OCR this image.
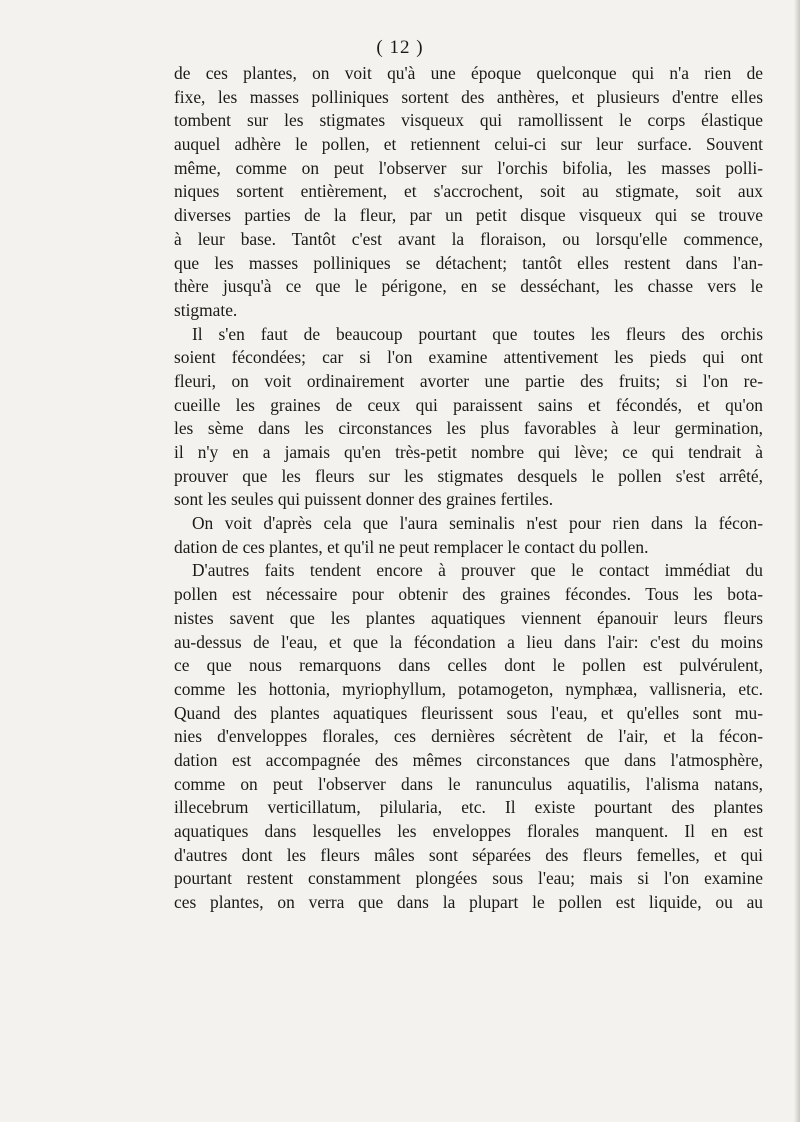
( 12 )
de ces plantes, on voit qu'à une époque quelconque qui n'a rien de
fixe, les masses polliniques sortent des anthères, et plusieurs d'entre elles
tombent sur les stigmates visqueux qui ramollissent le corps élastique
auquel adhère le pollen, et retiennent celui-ci sur leur surface. Souvent
même, comme on peut l'observer sur l'orchis bifolia, les masses polli-
niques sortent entièrement, et s'accrochent, soit au stigmate, soit aux
diverses parties de la fleur, par un petit disque visqueux qui se trouve
à leur base. Tantôt c'est avant la floraison, ou lorsqu'elle commence,
que les masses polliniques se détachent; tantôt elles restent dans l'an-
thère jusqu'à ce que le périgone, en se desséchant, les chasse vers le
stigmate.
Il s'en faut de beaucoup pourtant que toutes les fleurs des orchis
soient fécondées; car si l'on examine attentivement les pieds qui ont
fleuri, on voit ordinairement avorter une partie des fruits; si l'on re-
cueille les graines de ceux qui paraissent sains et fécondés, et qu'on
les sème dans les circonstances les plus favorables à leur germination,
il n'y en a jamais qu'en très-petit nombre qui lève; ce qui tendrait à
prouver que les fleurs sur les stigmates desquels le pollen s'est arrêté,
sont les seules qui puissent donner des graines fertiles.
On voit d'après cela que l'aura seminalis n'est pour rien dans la fécon-
dation de ces plantes, et qu'il ne peut remplacer le contact du pollen.
D'autres faits tendent encore à prouver que le contact immédiat du
pollen est nécessaire pour obtenir des graines fécondes. Tous les bota-
nistes savent que les plantes aquatiques viennent épanouir leurs fleurs
au-dessus de l'eau, et que la fécondation a lieu dans l'air: c'est du moins
ce que nous remarquons dans celles dont le pollen est pulvérulent,
comme les hottonia, myriophyllum, potamogeton, nymphæa, vallisneria, etc.
Quand des plantes aquatiques fleurissent sous l'eau, et qu'elles sont mu-
nies d'enveloppes florales, ces dernières sécrètent de l'air, et la fécon-
dation est accompagnée des mêmes circonstances que dans l'atmosphère,
comme on peut l'observer dans le ranunculus aquatilis, l'alisma natans,
illecebrum verticillatum, pilularia, etc. Il existe pourtant des plantes
aquatiques dans lesquelles les enveloppes florales manquent. Il en est
d'autres dont les fleurs mâles sont séparées des fleurs femelles, et qui
pourtant restent constamment plongées sous l'eau; mais si l'on examine
ces plantes, on verra que dans la plupart le pollen est liquide, ou au
